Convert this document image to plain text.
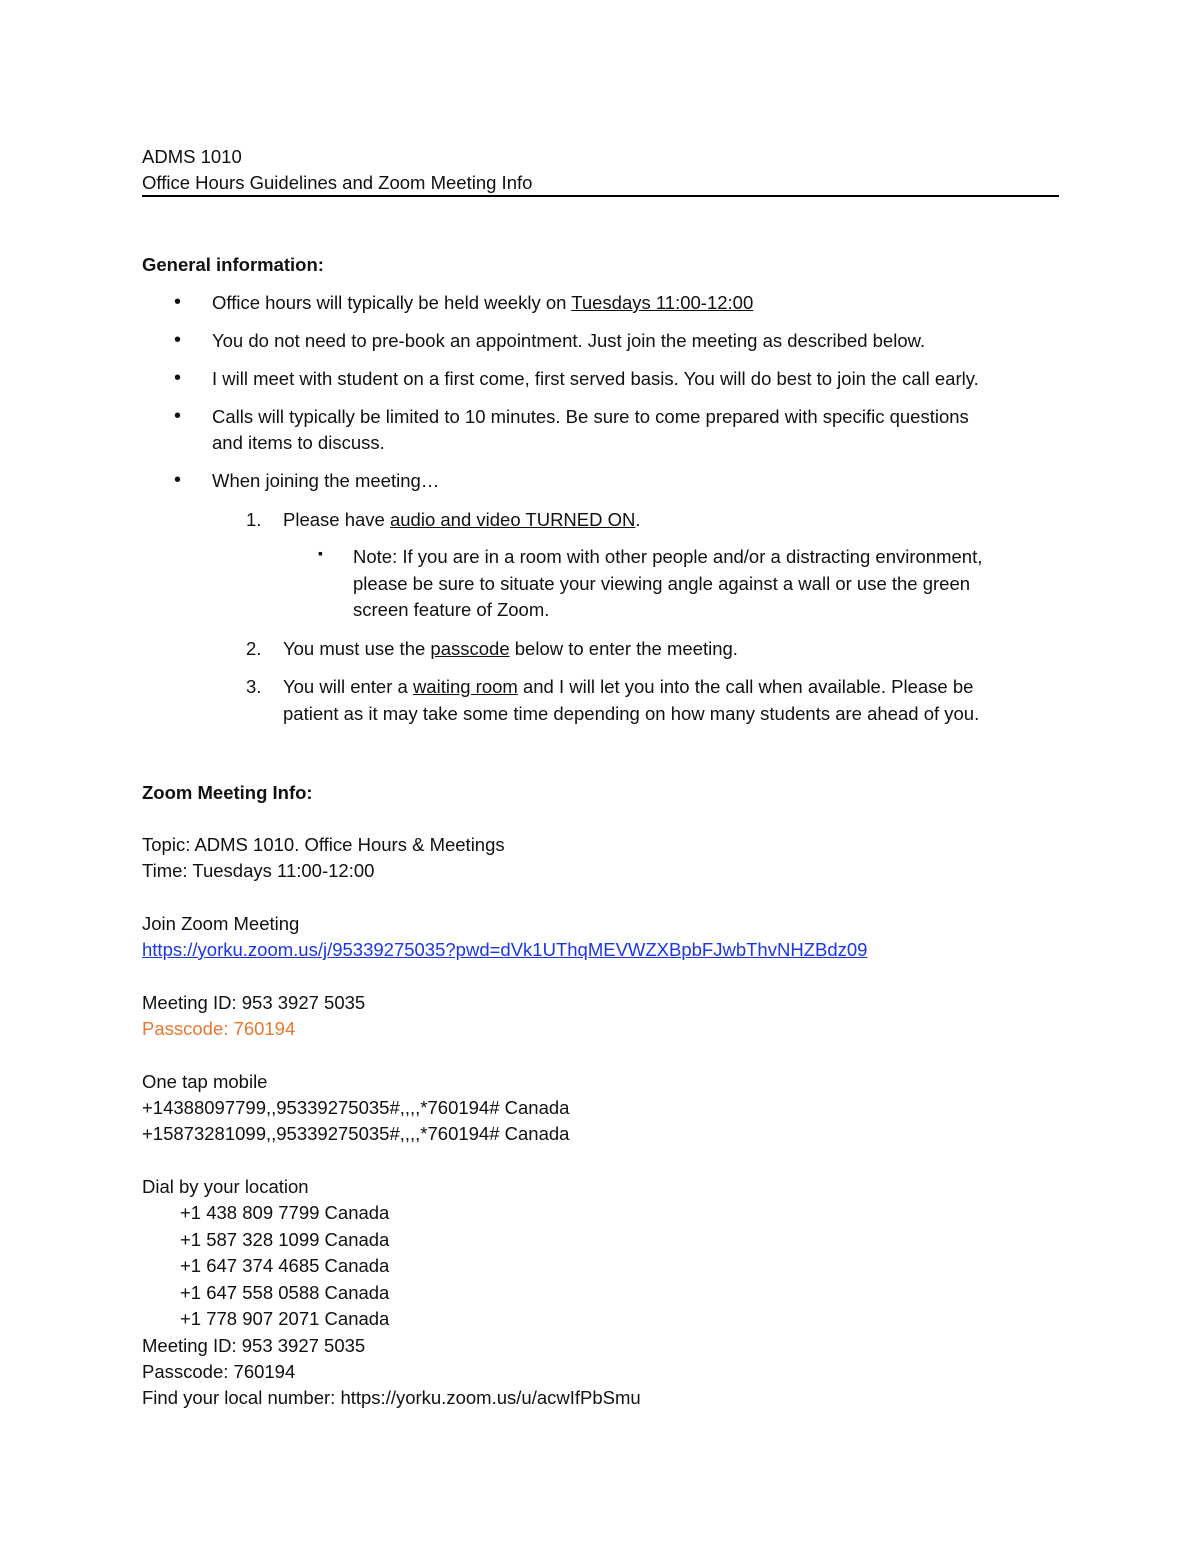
ADMS 1010
Office Hours Guidelines and Zoom Meeting Info
General information:
• Office hours will typically be held weekly on Tuesdays 11:00-12:00
• You do not need to pre-book an appointment. Just join the meeting as described below.
• I will meet with student on a first come, first served basis. You will do best to join the call early.
• Calls will typically be limited to 10 minutes. Be sure to come prepared with specific questions
and items to discuss.
• When joining the meeting…
1. Please have audio and video TURNED ON.
▪ Note: If you are in a room with other people and/or a distracting environment,
please be sure to situate your viewing angle against a wall or use the green
screen feature of Zoom.
2. You must use the passcode below to enter the meeting.
3. You will enter a waiting room and I will let you into the call when available. Please be
patient as it may take some time depending on how many students are ahead of you.
Zoom Meeting Info:
Topic: ADMS 1010. Office Hours & Meetings
Time: Tuesdays 11:00-12:00
Join Zoom Meeting
https://yorku.zoom.us/j/95339275035?pwd=dVk1UThqMEVWZXBpbFJwbThvNHZBdz09
Meeting ID: 953 3927 5035
Passcode: 760194
One tap mobile
+14388097799,,95339275035#,,,,*760194# Canada
+15873281099,,95339275035#,,,,*760194# Canada
Dial by your location
+1 438 809 7799 Canada
+1 587 328 1099 Canada
+1 647 374 4685 Canada
+1 647 558 0588 Canada
+1 778 907 2071 Canada
Meeting ID: 953 3927 5035
Passcode: 760194
Find your local number: https://yorku.zoom.us/u/acwIfPbSmu
